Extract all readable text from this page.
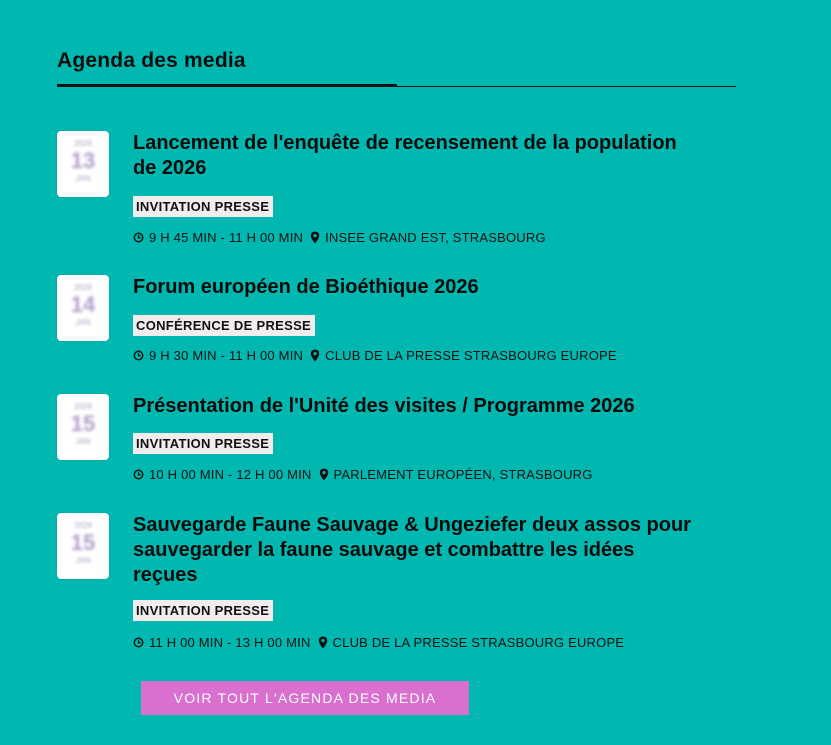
Agenda des media
2026
13
JAN
Lancement de l'enquête de recensement de la population de 2026
INVITATION PRESSE
9 H 45 MIN - 11 H 00 MIN INSEE GRAND EST, STRASBOURG
2026
14
JAN
Forum européen de Bioéthique 2026
CONFÉRENCE DE PRESSE
9 H 30 MIN - 11 H 00 MIN CLUB DE LA PRESSE STRASBOURG EUROPE
2026
15
JAN
Présentation de l'Unité des visites / Programme 2026
INVITATION PRESSE
10 H 00 MIN - 12 H 00 MIN PARLEMENT EUROPÉEN, STRASBOURG
2026
15
JAN
Sauvegarde Faune Sauvage & Ungeziefer deux assos pour sauvegarder la faune sauvage et combattre les idées reçues
INVITATION PRESSE
11 H 00 MIN - 13 H 00 MIN CLUB DE LA PRESSE STRASBOURG EUROPE
VOIR TOUT L'AGENDA DES MEDIA
